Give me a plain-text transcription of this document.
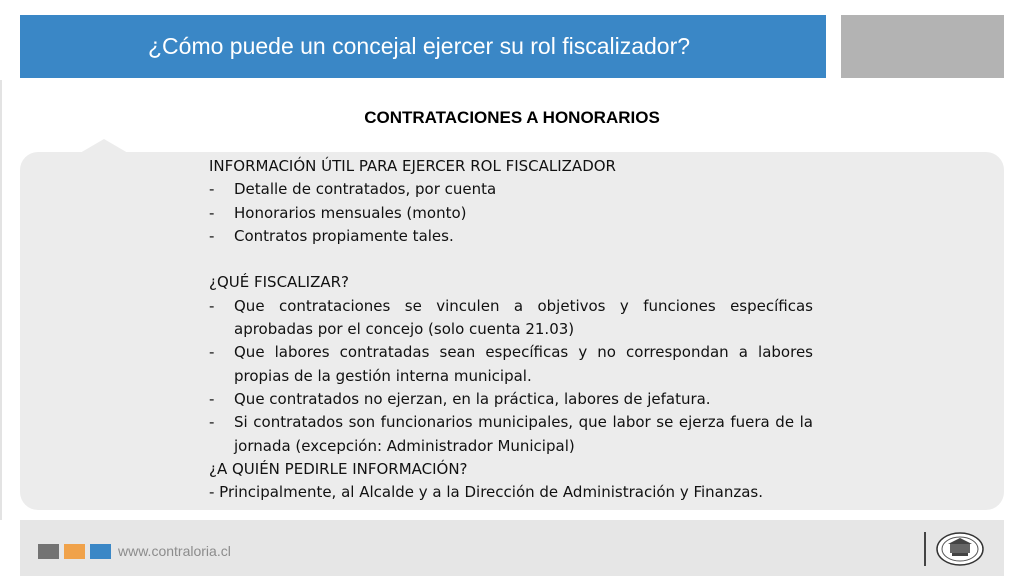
¿Cómo puede un concejal ejercer su rol fiscalizador?
CONTRATACIONES A HONORARIOS
INFORMACIÓN ÚTIL PARA EJERCER ROL FISCALIZADOR
-	Detalle de contratados, por cuenta
-	Honorarios mensuales (monto)
-	Contratos propiamente tales.
¿QUÉ FISCALIZAR?
-	Que contrataciones se vinculen a objetivos y funciones específicas aprobadas por el concejo (solo cuenta 21.03)
-	Que labores contratadas sean específicas y no correspondan a labores propias de la gestión interna municipal.
-	Que contratados no ejerzan, en la práctica, labores de jefatura.
-	Si contratados son funcionarios municipales, que labor se ejerza fuera de la jornada (excepción: Administrador Municipal)
¿A QUIÉN PEDIRLE INFORMACIÓN?
- Principalmente, al Alcalde y a la Dirección de Administración y Finanzas.
www.contraloria.cl
